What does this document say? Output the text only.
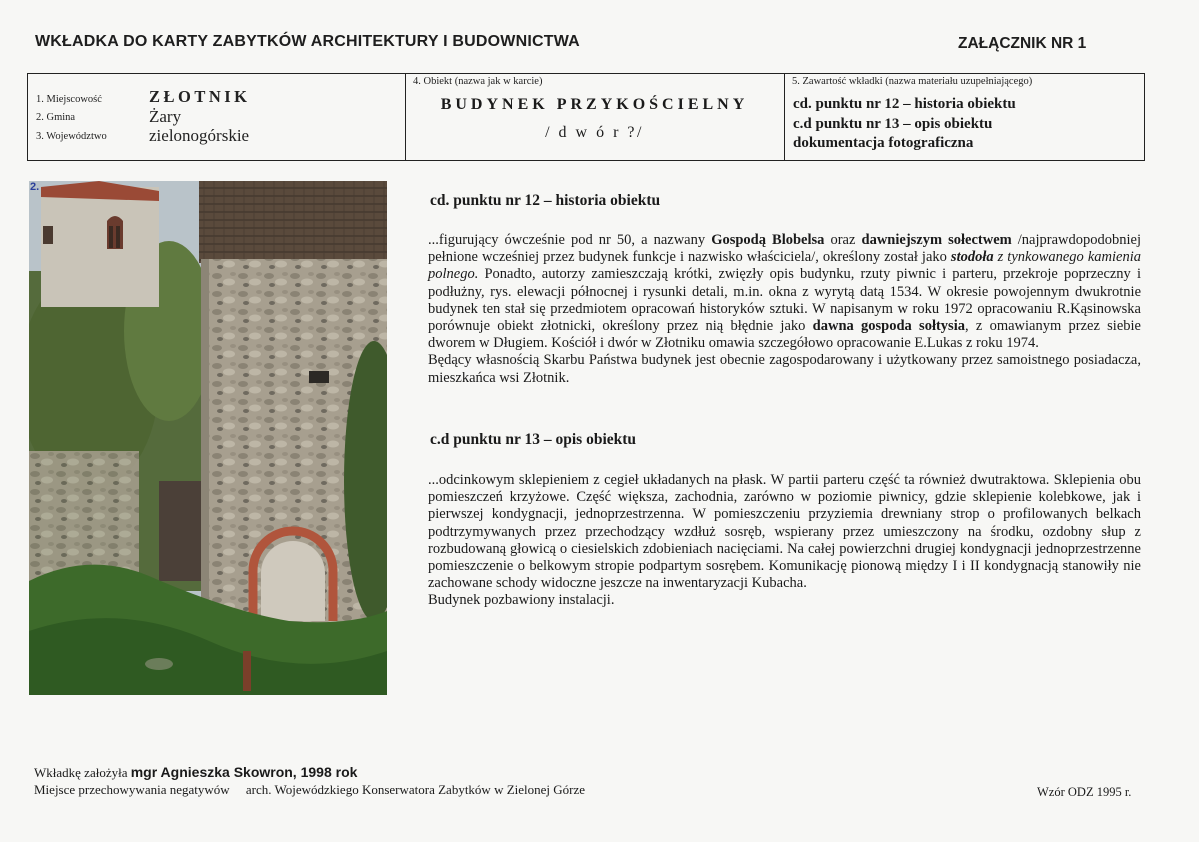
WKŁADKA DO KARTY ZABYTKÓW ARCHITEKTURY I BUDOWNICTWA	ZAŁĄCZNIK NR 1
1. Miejscowość
2. Gmina
3. Województwo
ZŁOTNIK
Żary
zielonogórskie
4. Obiekt (nazwa jak w karcie)
BUDYNEK PRZYKOŚCIELNY
/ d w ó r ?/
5. Zawartość wkładki (nazwa materiału uzupełniającego)
cd. punktu nr 12 – historia obiektu
c.d punktu nr 13 – opis obiektu
dokumentacja fotograficzna
2.
cd. punktu nr 12 – historia obiektu

...figurujący ówcześnie pod nr 50, a nazwany Gospodą Blobelsa oraz dawniejszym sołectwem /najprawdopodobniej pełnione wcześniej przez budynek funkcje i nazwisko właściciela/, określony został jako stodoła z tynkowanego kamienia polnego. Ponadto, autorzy zamieszczają krótki, zwięzły opis budynku, rzuty piwnic i parteru, przekroje poprzeczny i podłużny, rys. elewacji północnej i rysunki detali, m.in. okna z wyrytą datą 1534. W okresie powojennym dwukrotnie budynek ten stał się przedmiotem opracowań historyków sztuki. W napisanym w roku 1972 opracowaniu R.Kąsinowska porównuje obiekt złotnicki, określony przez nią błędnie jako dawna gospoda sołtysia, z omawianym przez siebie dworem w Długiem. Kościół i dwór w Złotniku omawia szczegółowo opracowanie E.Lukas z roku 1974.

Będący własnością Skarbu Państwa budynek jest obecnie zagospodarowany i użytkowany przez samoistnego posiadacza, mieszkańca wsi Złotnik.

c.d punktu nr 13 – opis obiektu

...odcinkowym sklepieniem z cegieł układanych na płask. W partii parteru część ta również dwutraktowa. Sklepienia obu pomieszczeń krzyżowe. Część większa, zachodnia, zarówno w poziomie piwnicy, gdzie sklepienie kolebkowe, jak i pierwszej kondygnacji, jednoprzestrzenna. W pomieszczeniu przyziemia drewniany strop o profilowanych belkach podtrzymywanych przez przechodzący wzdłuż sosręb, wspierany przez umieszczony na środku, ozdobny słup z rozbudowaną głowicą o ciesielskich zdobieniach nacięciami. Na całej powierzchni drugiej kondygnacji jednoprzestrzenne pomieszczenie o belkowym stropie podpartym sosrębem. Komunikację pionową między I i II kondygnacją stanowiły nie zachowane schody widoczne jeszcze na inwentaryzacji Kubacha.

Budynek pozbawiony instalacji.

Wkładkę założyła mgr Agnieszka Skowron, 1998 rok
Miejsce przechowywania negatywów arch. Wojewódzkiego Konserwatora Zabytków w Zielonej Górze	Wzór ODZ 1995 r.
